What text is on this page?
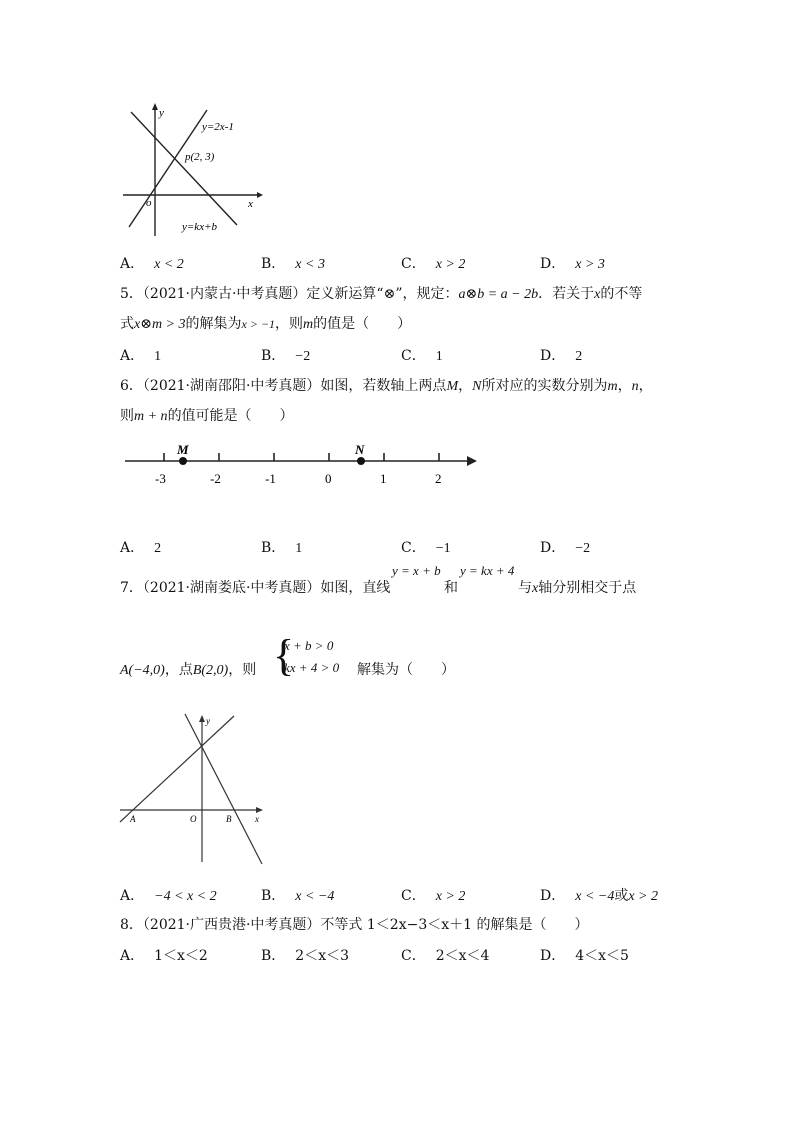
y
x
o
y=2x-1
p(2, 3)
y=kx+b
A． x < 2	B． x < 3	C． x > 2	D． x > 3
5．（2021·内蒙古·中考真题）定义新运算“⊗”，规定：a⊗b = a − 2b．若关于x的不等
式x⊗m > 3的解集为x > −1，则m的值是（　　）
A． 1	B． −2	C． 1	D． 2
6．（2021·湖南邵阳·中考真题）如图，若数轴上两点M，N所对应的实数分别为m，n，
则m + n的值可能是（　　）
M	N
-3	-2	-1	0	1	2
A． 2	B． 1	C． −1	D． −2
7．（2021·湖南娄底·中考真题）如图，直线
y = x + b
和
y = kx + 4
与x轴分别相交于点
A(−4,0)，点B(2,0)，则 {
x + b > 0
kx + 4 > 0 解集为（　　）
y
x
A	O	B
A． −4 < x < 2	B． x < −4	C． x > 2	D． x < −4或x > 2
8．（2021·广西贵港·中考真题）不等式 1＜2x−3＜x＋1 的解集是（　　）
A． 1＜x＜2	B． 2＜x＜3	C． 2＜x＜4	D． 4＜x＜5
